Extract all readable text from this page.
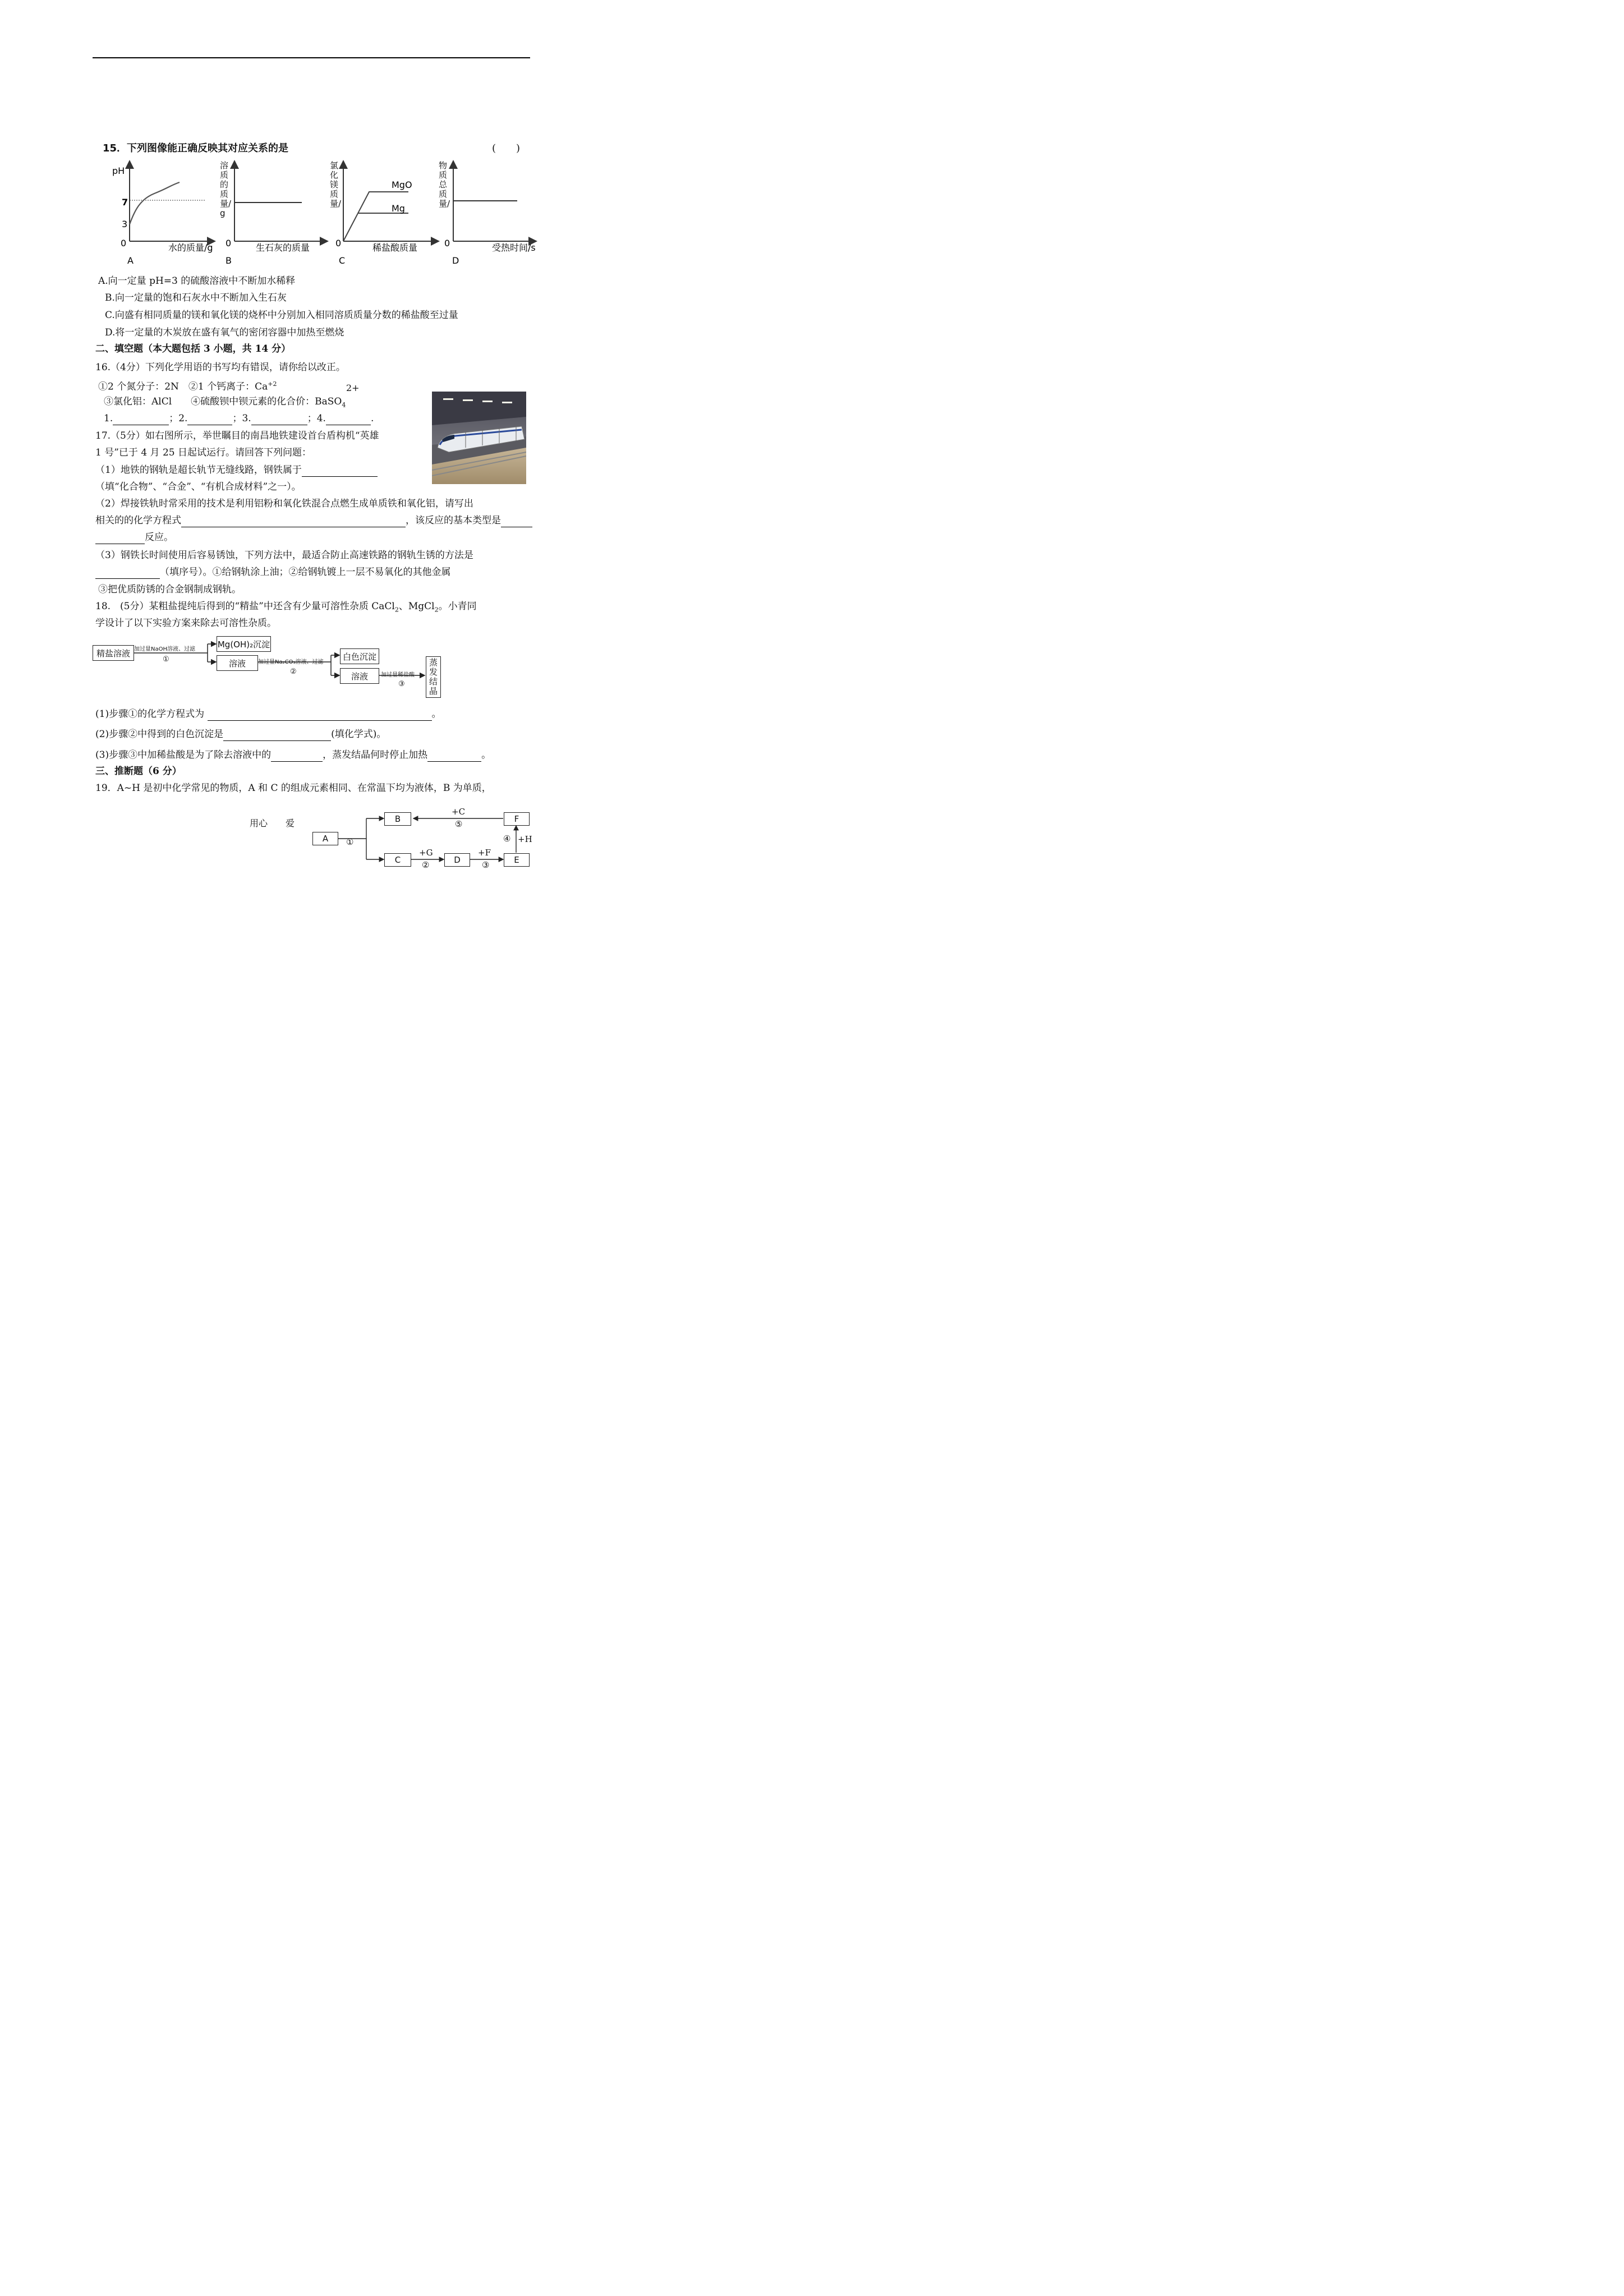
15．下列图像能正确反映其对应关系的是	(　　)
pH
7
3
0	水的质量/g
A
溶质的质量/g
0	生石灰的质量
B
氯化镁质量/
MgO
Mg
0	稀盐酸质量
C
物质总质量/
0	受热时间/s
D
A.向一定量 pH=3 的硫酸溶液中不断加水稀释
B.向一定量的饱和石灰水中不断加入生石灰
C.向盛有相同质量的镁和氧化镁的烧杯中分别加入相同溶质质量分数的稀盐酸至过量
D.将一定量的木炭放在盛有氧气的密闭容器中加热至燃烧
二、填空题（本大题包括 3 小题，共 14 分）
16.（4分）下列化学用语的书写均有错误，请你给以改正。
①2 个氮分子：2N　②1 个钙离子：$Ca^{+2}$	2+
③氯化铝：AlCl　　④硫酸钡中钡元素的化合价：BaSO$_4$
1.	；2.	；3.	；4.	.
17.（5分）如右图所示，举世瞩目的南昌地铁建设首台盾构机“英雄
1 号”已于 4 月 25 日起试运行。请回答下列问题：
（1）地铁的钢轨是超长轨节无缝线路，钢铁属于
（填“化合物”、“合金”、“有机合成材料”之一）。
（2）焊接铁轨时常采用的技术是利用铝粉和氧化铁混合点燃生成单质铁和氧化铝，请写出
相关的的化学方程式	，该反应的基本类型是
反应。
（3）钢铁长时间使用后容易锈蚀，下列方法中，最适合防止高速铁路的钢轨生锈的方法是
（填序号）。①给钢轨涂上油；②给钢轨镀上一层不易氧化的其他金属
③把优质防锈的合金钢制成钢轨。
18.　(5分）某粗盐提纯后得到的“精盐”中还含有少量可溶性杂质 CaCl$_2$、MgCl$_2$。小青同
学设计了以下实验方案来除去可溶性杂质。
精盐溶液 加过量NaOH溶液、过滤
①
Mg(OH)₂沉淀
溶液	加过量Na₂CO₃溶液、过滤
②
白色沉淀
溶液	加过量稀盐酸
③	蒸发结晶
(1)步骤①的化学方程式为	。
(2)步骤②中得到的白色沉淀是	(填化学式)。
(3)步骤③中加稀盐酸是为了除去溶液中的	，蒸发结晶何时停止加热	。
三、推断题（6 分）
19．A~H 是初中化学常见的物质，A 和 C 的组成元素相同、在常温下均为液体，B 为单质，
用心　　爱
A
B
C	D	E
F
①
+C
⑤
+G
②
+F
③
④ +H
